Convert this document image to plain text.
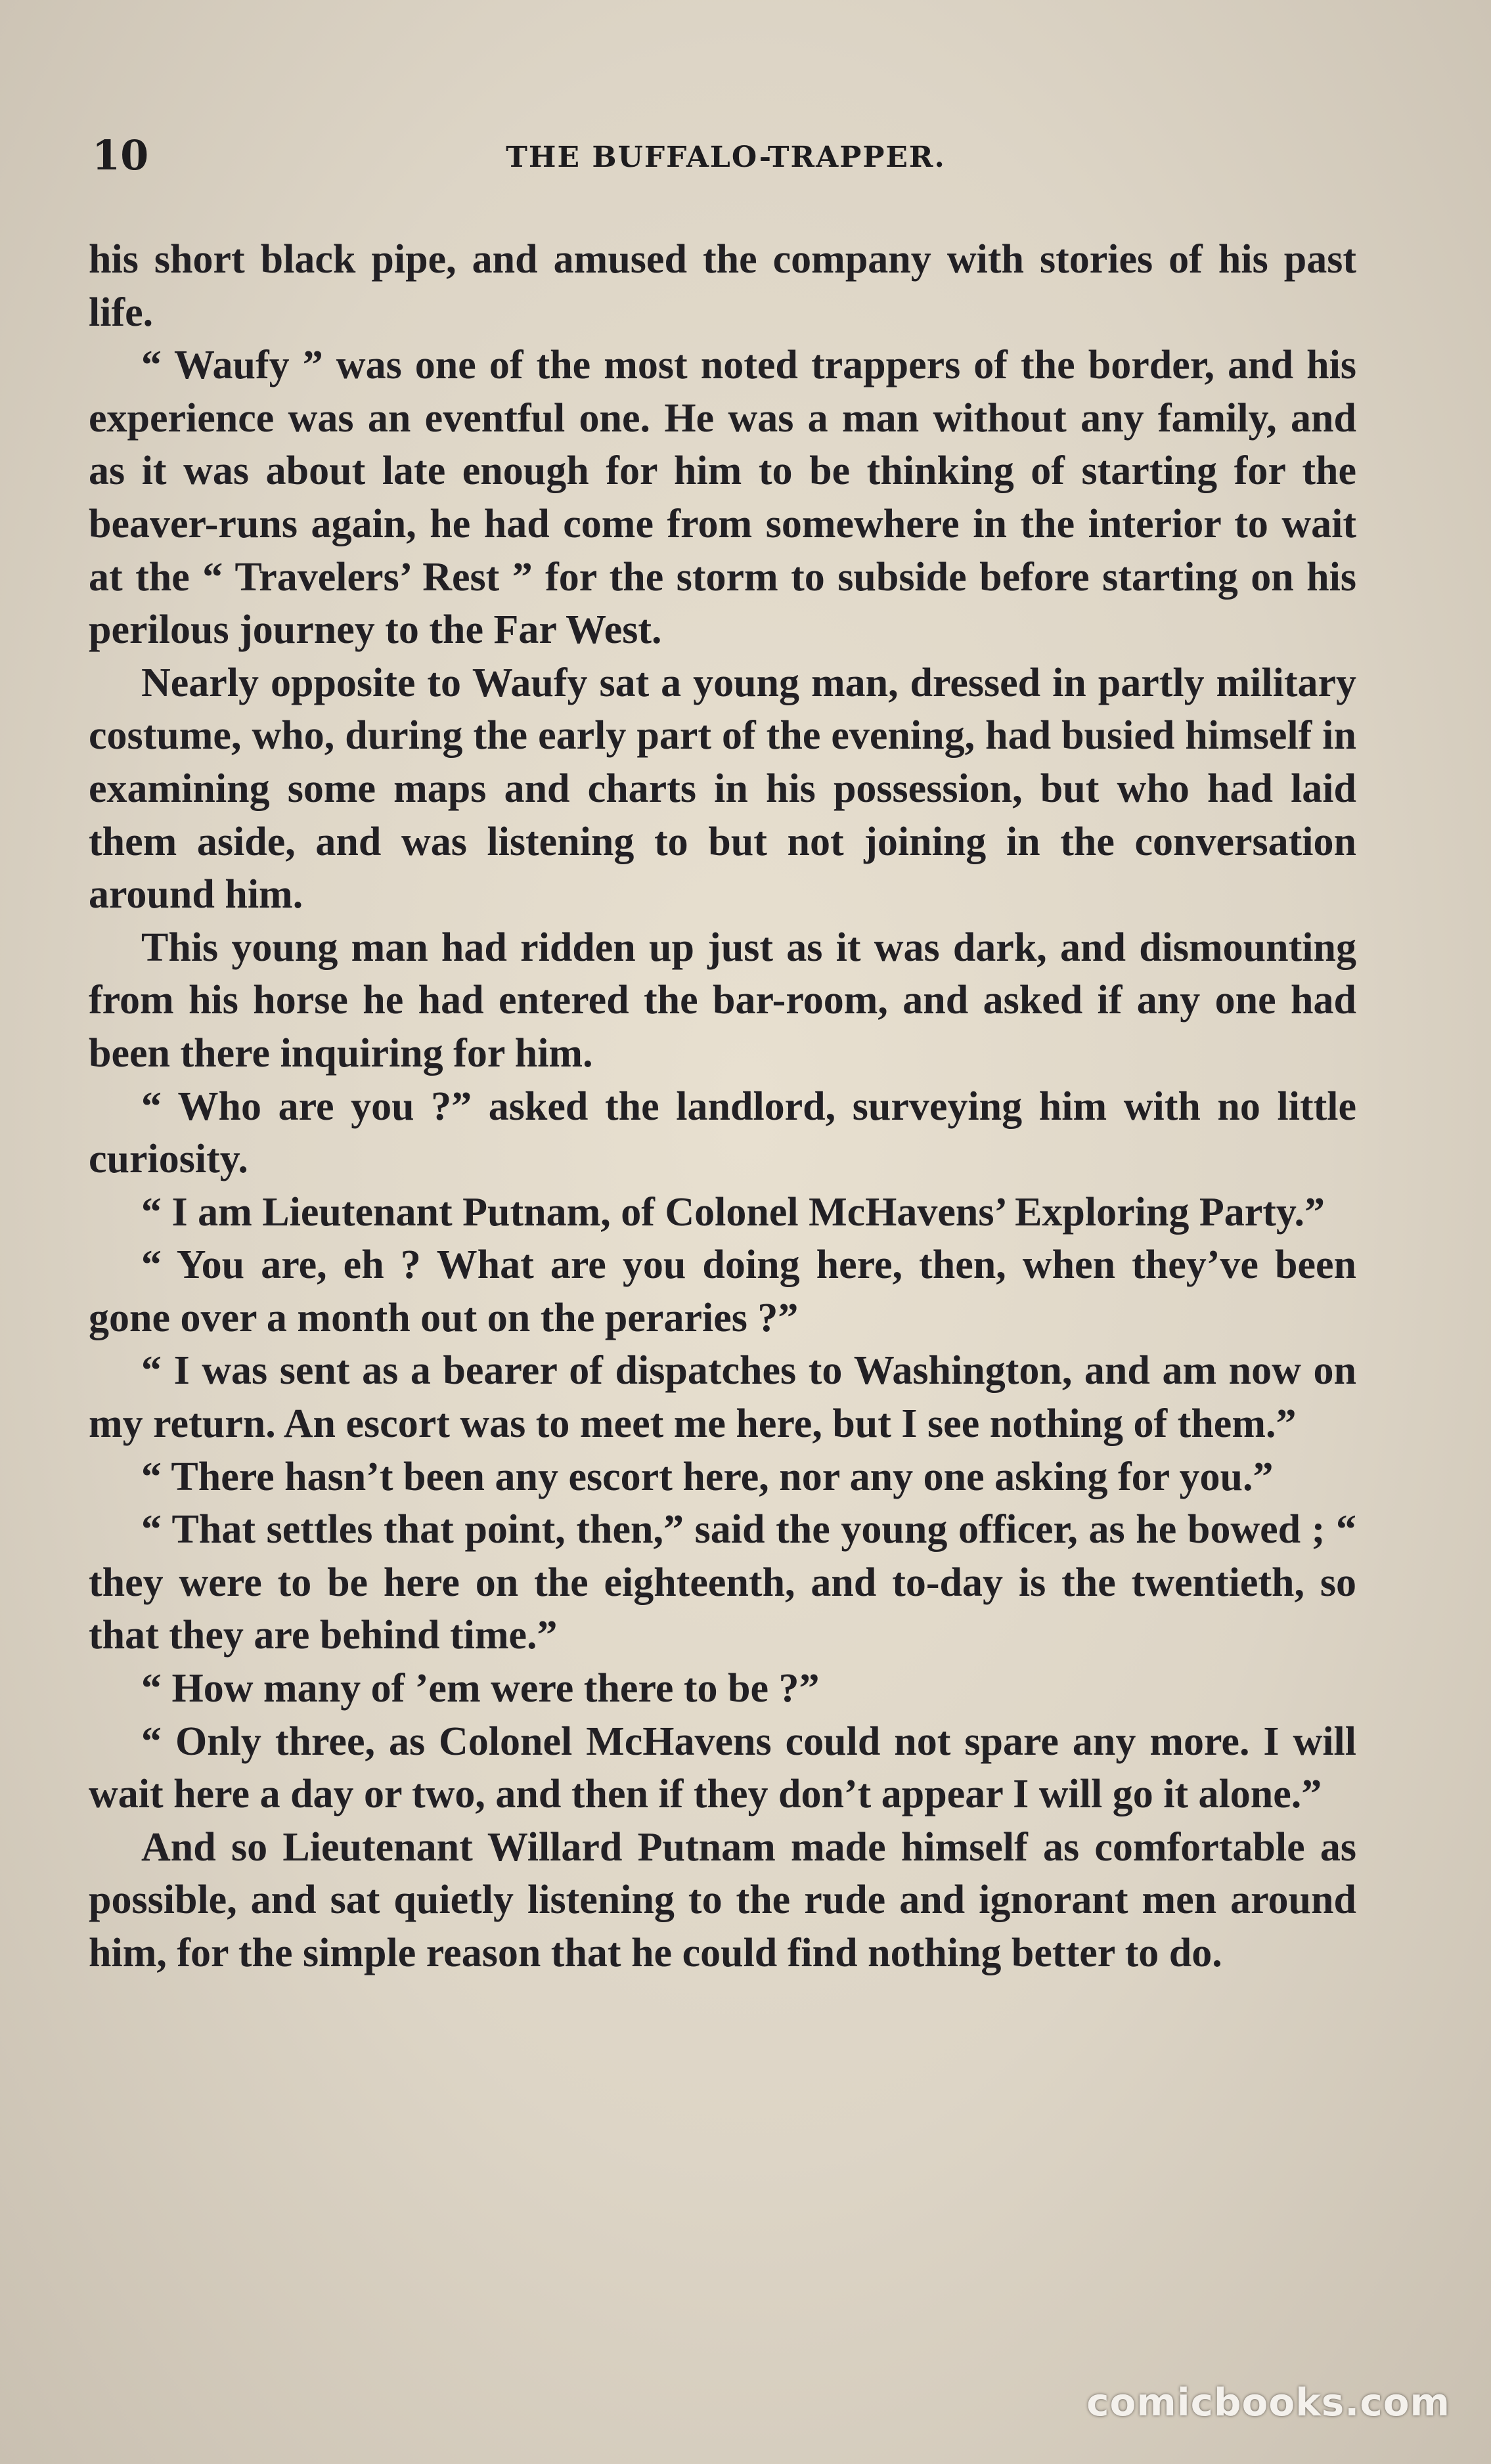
10	THE BUFFALO-TRAPPER.

his short black pipe, and amused the company with stories of his past life.

“ Waufy ” was one of the most noted trappers of the border, and his experience was an eventful one. He was a man without any family, and as it was about late enough for him to be thinking of starting for the beaver-runs again, he had come from somewhere in the interior to wait at the “ Travelers’ Rest ” for the storm to subside before starting on his perilous journey to the Far West.

Nearly opposite to Waufy sat a young man, dressed in partly military costume, who, during the early part of the evening, had busied himself in examining some maps and charts in his possession, but who had laid them aside, and was listening to but not joining in the conversation around him.

This young man had ridden up just as it was dark, and dismounting from his horse he had entered the bar-room, and asked if any one had been there inquiring for him.

“ Who are you ?” asked the landlord, surveying him with no little curiosity.

“ I am Lieutenant Putnam, of Colonel McHavens’ Exploring Party.”

“ You are, eh ? What are you doing here, then, when they’ve been gone over a month out on the peraries ?”

“ I was sent as a bearer of dispatches to Washington, and am now on my return. An escort was to meet me here, but I see nothing of them.”

“ There hasn’t been any escort here, nor any one asking for you.”

“ That settles that point, then,” said the young officer, as he bowed ; “ they were to be here on the eighteenth, and to-day is the twentieth, so that they are behind time.”

“ How many of ’em were there to be ?”

“ Only three, as Colonel McHavens could not spare any more. I will wait here a day or two, and then if they don’t appear I will go it alone.”

And so Lieutenant Willard Putnam made himself as comfortable as possible, and sat quietly listening to the rude and ignorant men around him, for the simple reason that he could find nothing better to do.

comicbooks.com
